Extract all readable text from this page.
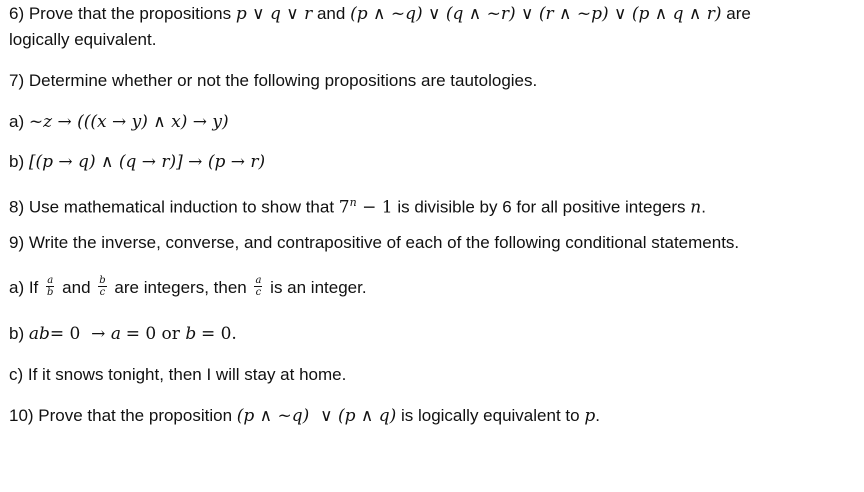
6) Prove that the propositions p ∨ q ∨ r and (p ∧ ~q) ∨ (q ∧ ~r) ∨ (r ∧ ~p) ∨ (p ∧ q ∧ r) are
logically equivalent.
7) Determine whether or not the following propositions are tautologies.
a) ~z → (((x → y) ∧ x) → y)
b) [(p → q) ∧ (q → r)] → (p → r)
8) Use mathematical induction to show that $7^n - 1$ is divisible by 6 for all positive integers n.
9) Write the inverse, converse, and contrapositive of each of the following conditional statements.
a) If $\frac{a}{b}$ and $\frac{b}{c}$ are integers, then $\frac{a}{c}$ is an integer.
b) ab= 0  → a = 0 or b = 0.
c) If it snows tonight, then I will stay at home.
10) Prove that the proposition (p ∧ ~q)  ∨ (p ∧ q) is logically equivalent to p.
